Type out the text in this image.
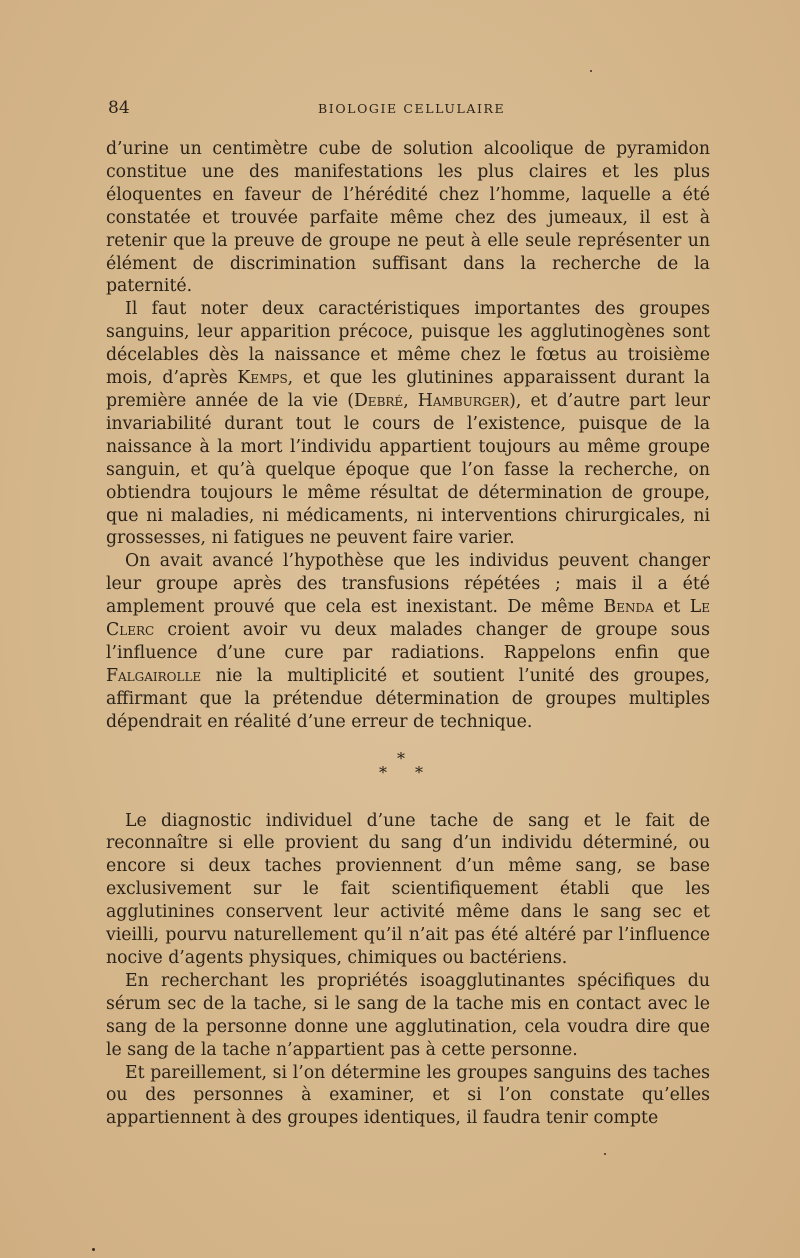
84	BIOLOGIE CELLULAIRE

d’urine un centimètre cube de solution alcoolique de pyramidon constitue une des manifestations les plus claires et les plus éloquentes en faveur de l’hérédité chez l’homme, laquelle a été constatée et trouvée parfaite même chez des jumeaux, il est à retenir que la preuve de groupe ne peut à elle seule représenter un élément de discrimination suffisant dans la recherche de la paternité.

Il faut noter deux caractéristiques importantes des groupes sanguins, leur apparition précoce, puisque les agglutinogènes sont décelables dès la naissance et même chez le fœtus au troisième mois, d’après Kemps, et que les glutinines apparaissent durant la première année de la vie (Debré, Hamburger), et d’autre part leur invariabilité durant tout le cours de l’existence, puisque de la naissance à la mort l’individu appartient toujours au même groupe sanguin, et qu’à quelque époque que l’on fasse la recherche, on obtiendra toujours le même résultat de détermination de groupe, que ni maladies, ni médicaments, ni interventions chirurgicales, ni grossesses, ni fatigues ne peuvent faire varier.

On avait avancé l’hypothèse que les individus peuvent changer leur groupe après des transfusions répétées ; mais il a été amplement prouvé que cela est inexistant. De même Benda et Le Clerc croient avoir vu deux malades changer de groupe sous l’influence d’une cure par radiations. Rappelons enfin que Falgairolle nie la multiplicité et soutient l’unité des groupes, affirmant que la prétendue détermination de groupes multiples dépendrait en réalité d’une erreur de technique.

*
* *

Le diagnostic individuel d’une tache de sang et le fait de reconnaître si elle provient du sang d’un individu déterminé, ou encore si deux taches proviennent d’un même sang, se base exclusivement sur le fait scientifiquement établi que les agglutinines conservent leur activité même dans le sang sec et vieilli, pourvu naturellement qu’il n’ait pas été altéré par l’influence nocive d’agents physiques, chimiques ou bactériens.

En recherchant les propriétés isoagglutinantes spécifiques du sérum sec de la tache, si le sang de la tache mis en contact avec le sang de la personne donne une agglutination, cela voudra dire que le sang de la tache n’appartient pas à cette personne.

Et pareillement, si l’on détermine les groupes sanguins des taches ou des personnes à examiner, et si l’on constate qu’elles appartiennent à des groupes identiques, il faudra tenir compte
